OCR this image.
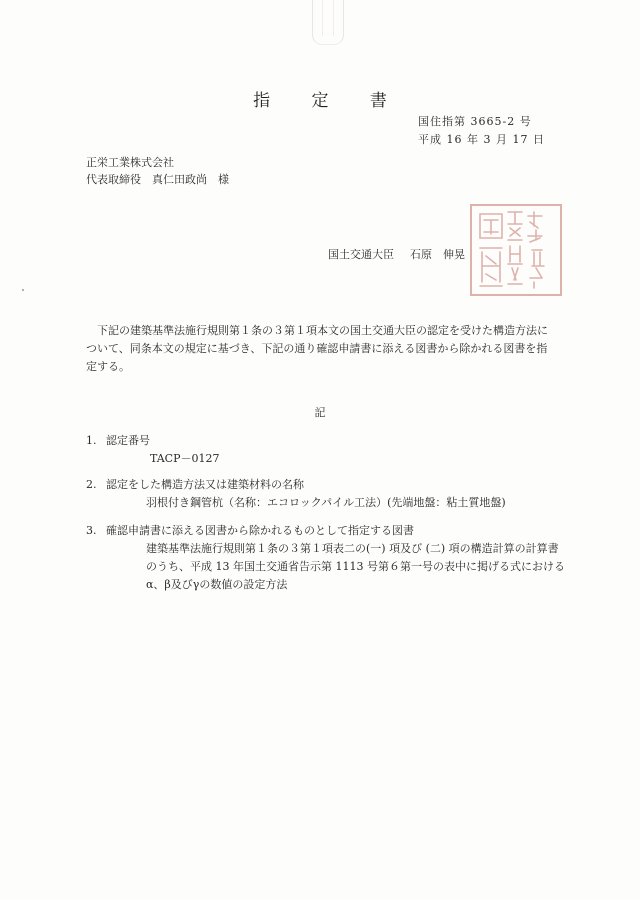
指 定 書
国住指第 3665-2 号
平成 16 年 3 月 17 日
正栄工業株式会社
代表取締役　真仁田政尚　様
国土交通大臣 石原　伸晃
下記の建築基準法施行規則第１条の３第１項本文の国土交通大臣の認定を受けた構造方法について、同条本文の規定に基づき、下記の通り確認申請書に添える図書から除かれる図書を指定する。
記
1. 認定番号
TACP－0127
2. 認定をした構造方法又は建築材料の名称
羽根付き鋼管杭（名称：エコロックパイル工法）(先端地盤：粘土質地盤)
3. 確認申請書に添える図書から除かれるものとして指定する図書
建築基準法施行規則第１条の３第１項表二の(一) 項及び (二) 項の構造計算の計算書のうち、平成 13 年国土交通省告示第 1113 号第６第一号の表中に掲げる式におけるα、β及びγの数値の設定方法
